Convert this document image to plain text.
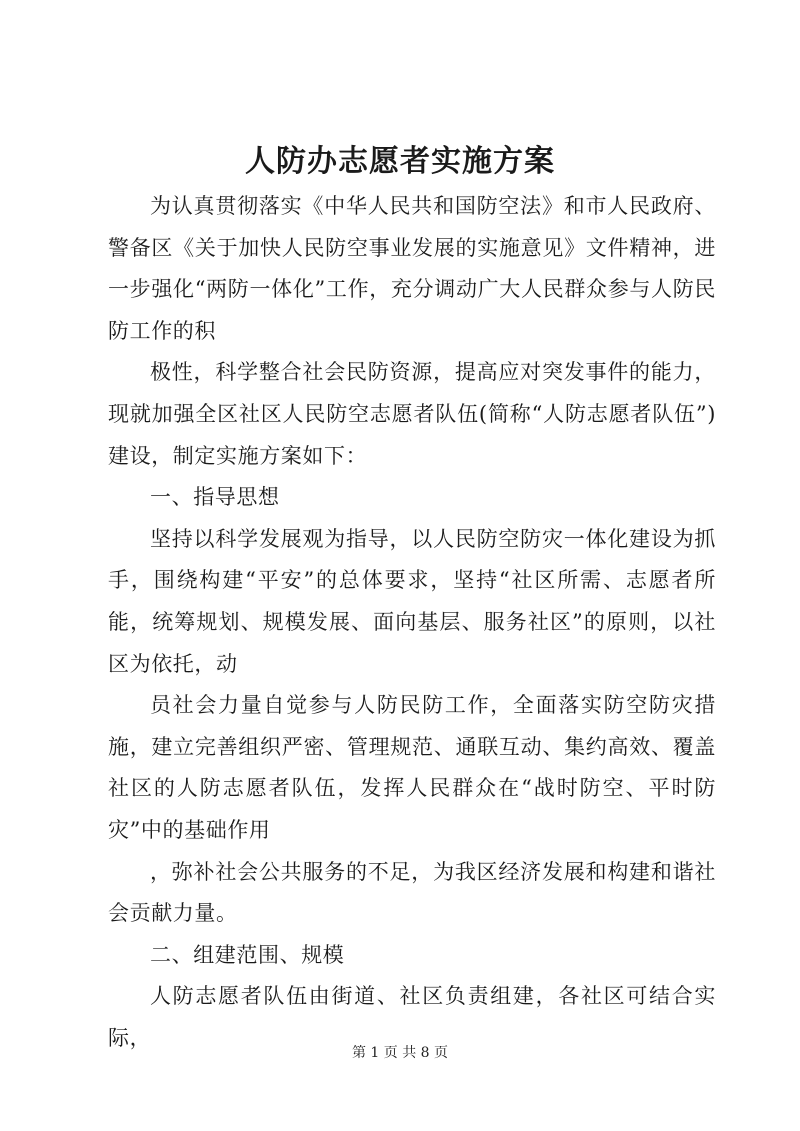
人防办志愿者实施方案

为认真贯彻落实《中华人民共和国防空法》和市人民政府、警备区《关于加快人民防空事业发展的实施意见》文件精神，进一步强化“两防一体化”工作，充分调动广大人民群众参与人防民防工作的积

极性，科学整合社会民防资源，提高应对突发事件的能力，现就加强全区社区人民防空志愿者队伍(简称“人防志愿者队伍”)建设，制定实施方案如下：

一、指导思想

坚持以科学发展观为指导，以人民防空防灾一体化建设为抓手，围绕构建“平安”的总体要求，坚持“社区所需、志愿者所能，统筹规划、规模发展、面向基层、服务社区”的原则，以社区为依托，动

员社会力量自觉参与人防民防工作，全面落实防空防灾措施，建立完善组织严密、管理规范、通联互动、集约高效、覆盖社区的人防志愿者队伍，发挥人民群众在“战时防空、平时防灾”中的基础作用

，弥补社会公共服务的不足，为我区经济发展和构建和谐社会贡献力量。

二、组建范围、规模

人防志愿者队伍由街道、社区负责组建，各社区可结合实际，

第 1 页 共 8 页
